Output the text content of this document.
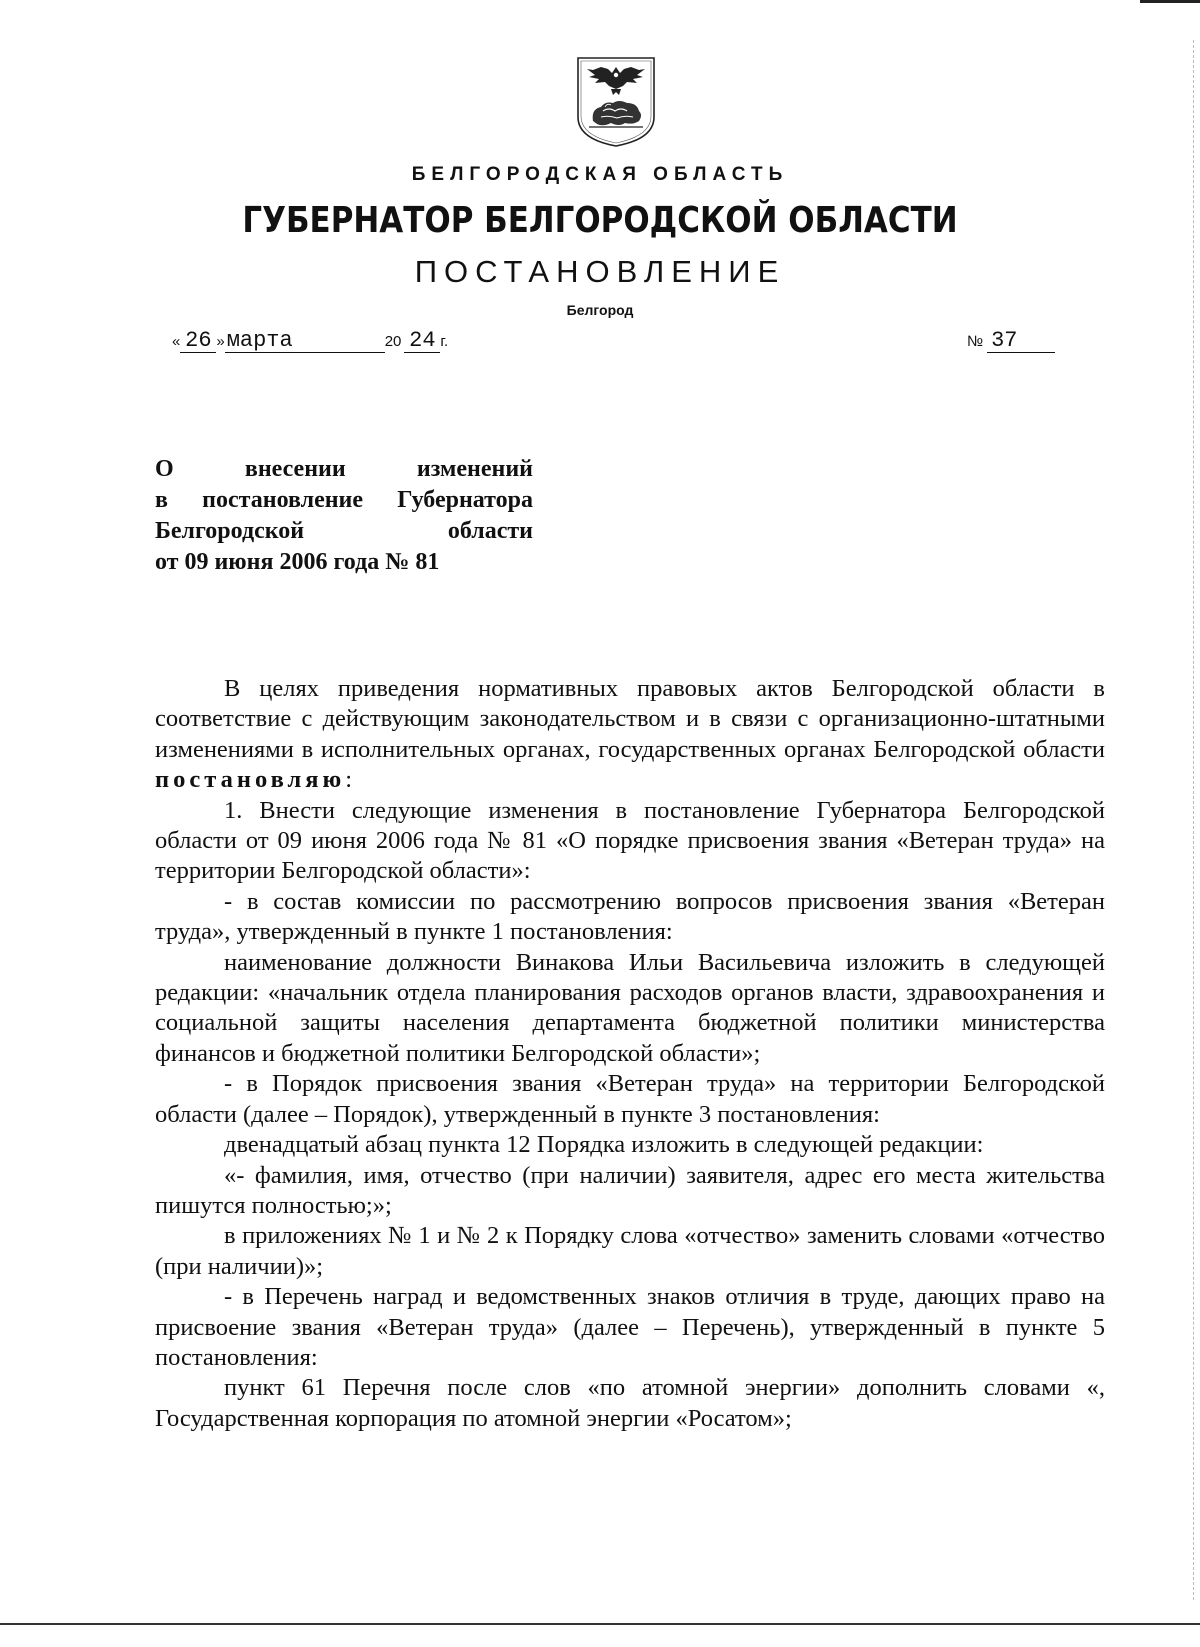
БЕЛГОРОДСКАЯ ОБЛАСТЬ
ГУБЕРНАТОР БЕЛГОРОДСКОЙ ОБЛАСТИ
ПОСТАНОВЛЕНИЕ
Белгород
« 26 »марта	20 24 г.	№ 37
О внесении изменений
в постановление Губернатора
Белгородской области
от 09 июня 2006 года № 81

В целях приведения нормативных правовых актов Белгородской области в соответствие с действующим законодательством и в связи с организационно-штатными изменениями в исполнительных органах, государственных органах Белгородской области постановляю:

1. Внести следующие изменения в постановление Губернатора Белгородской области от 09 июня 2006 года № 81 «О порядке присвоения звания «Ветеран труда» на территории Белгородской области»:

- в состав комиссии по рассмотрению вопросов присвоения звания «Ветеран труда», утвержденный в пункте 1 постановления:

наименование должности Винакова Ильи Васильевича изложить в следующей редакции: «начальник отдела планирования расходов органов власти, здравоохранения и социальной защиты населения департамента бюджетной политики министерства финансов и бюджетной политики Белгородской области»;

- в Порядок присвоения звания «Ветеран труда» на территории Белгородской области (далее – Порядок), утвержденный в пункте 3 постановления:

двенадцатый абзац пункта 12 Порядка изложить в следующей редакции:

«- фамилия, имя, отчество (при наличии) заявителя, адрес его места жительства пишутся полностью;»;

в приложениях № 1 и № 2 к Порядку слова «отчество» заменить словами «отчество (при наличии)»;

- в Перечень наград и ведомственных знаков отличия в труде, дающих право на присвоение звания «Ветеран труда» (далее – Перечень), утвержденный в пункте 5 постановления:

пункт 61 Перечня после слов «по атомной энергии» дополнить словами «, Государственная корпорация по атомной энергии «Росатом»;
